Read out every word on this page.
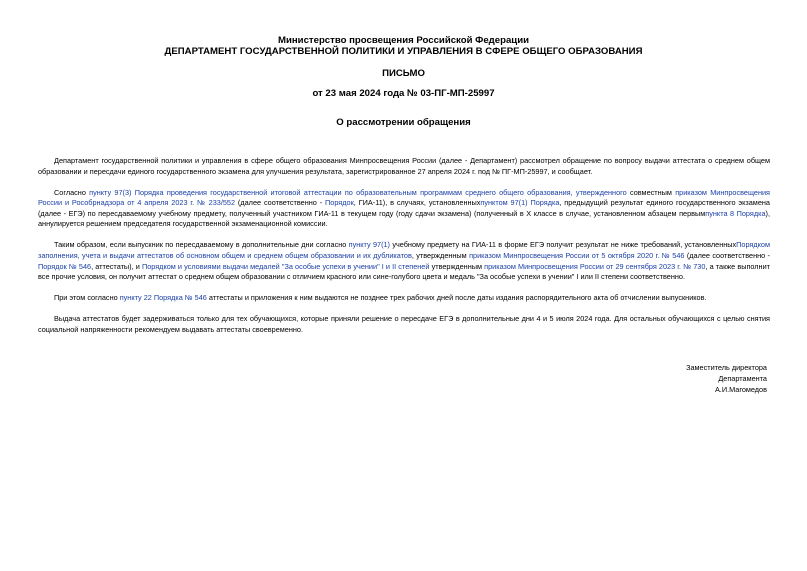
Министерство просвещения Российской Федерации
ДЕПАРТАМЕНТ ГОСУДАРСТВЕННОЙ ПОЛИТИКИ И УПРАВЛЕНИЯ В СФЕРЕ ОБЩЕГО ОБРАЗОВАНИЯ
ПИСЬМО
от 23 мая 2024 года № 03-ПГ-МП-25997
О рассмотрении обращения

Департамент государственной политики и управления в сфере общего образования Минпросвещения России (далее - Департамент) рассмотрел обращение по вопросу выдачи аттестата о среднем общем образовании и пересдачи единого государственного экзамена для улучшения результата, зарегистрированное 27 апреля 2024 г. под № ПГ-МП-25997, и сообщает.

Согласно пункту 97(3) Порядка проведения государственной итоговой аттестации по образовательным программам среднего общего образования, утвержденного совместным приказом Минпросвещения России и Рособрнадзора от 4 апреля 2023 г. № 233/552 (далее соответственно - Порядок, ГИА-11), в случаях, установленныхпунктом 97(1) Порядка, предыдущий результат единого государственного экзамена (далее - ЕГЭ) по пересдаваемому учебному предмету, полученный участником ГИА-11 в текущем году (году сдачи экзамена) (полученный в X классе в случае, установленном абзацем первымпункта 8 Порядка), аннулируется решением председателя государственной экзаменационной комиссии.

Таким образом, если выпускник по пересдаваемому в дополнительные дни согласно пункту 97(1) учебному предмету на ГИА-11 в форме ЕГЭ получит результат не ниже требований, установленныхПорядком заполнения, учета и выдачи аттестатов об основном общем и среднем общем образовании и их дубликатов, утвержденным приказом Минпросвещения России от 5 октября 2020 г. № 546 (далее соответственно - Порядок № 546, аттестаты), и Порядком и условиями выдачи медалей "За особые успехи в учении" I и II степеней утвержденным приказом Минпросвещения России от 29 сентября 2023 г. № 730, а также выполнит все прочие условия, он получит аттестат о среднем общем образовании с отличием красного или сине-голубого цвета и медаль "За особые успехи в учении" I или II степени соответственно.

При этом согласно пункту 22 Порядка № 546 аттестаты и приложения к ним выдаются не позднее трех рабочих дней после даты издания распорядительного акта об отчислении выпускников.

Выдача аттестатов будет задерживаться только для тех обучающихся, которые приняли решение о пересдаче ЕГЭ в дополнительные дни 4 и 5 июля 2024 года. Для остальных обучающихся с целью снятия социальной напряженности рекомендуем выдавать аттестаты своевременно.

Заместитель директора
Департамента
А.И.Магомедов
